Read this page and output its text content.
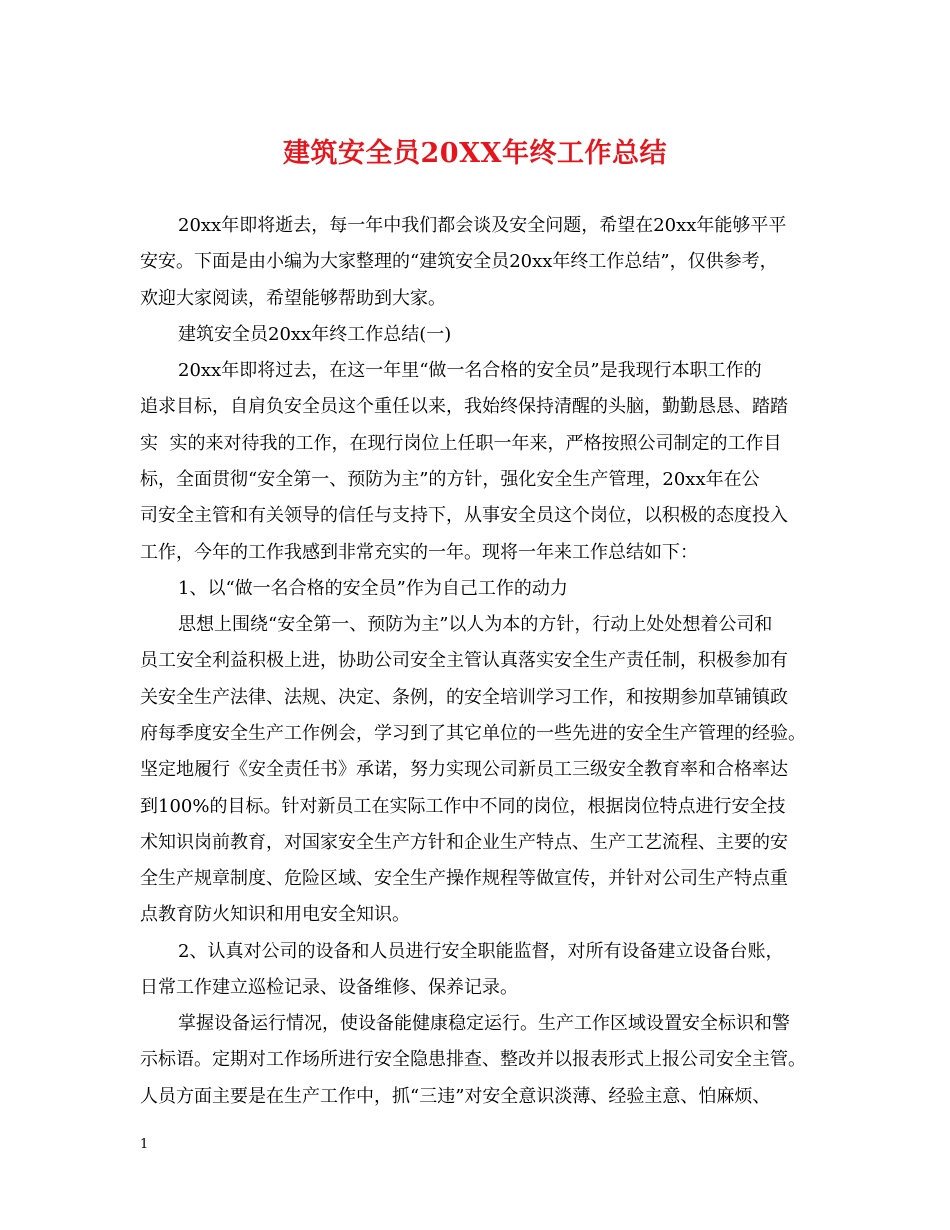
建筑安全员20XX年终工作总结
20xx年即将逝去，每一年中我们都会谈及安全问题，希望在20xx年能够平平
安安。下面是由小编为大家整理的“建筑安全员20xx年终工作总结”，仅供参考，
欢迎大家阅读，希望能够帮助到大家。
建筑安全员20xx年终工作总结(一)
20xx年即将过去，在这一年里“做一名合格的安全员”是我现行本职工作的
追求目标，自肩负安全员这个重任以来，我始终保持清醒的头脑，勤勤恳恳、踏踏
实  实的来对待我的工作，在现行岗位上任职一年来，严格按照公司制定的工作目
标，全面贯彻“安全第一、预防为主”的方针，强化安全生产管理，20xx年在公
司安全主管和有关领导的信任与支持下，从事安全员这个岗位，以积极的态度投入
工作，今年的工作我感到非常充实的一年。现将一年来工作总结如下：
1、以“做一名合格的安全员”作为自己工作的动力
思想上围绕“安全第一、预防为主”以人为本的方针，行动上处处想着公司和
员工安全利益积极上进，协助公司安全主管认真落实安全生产责任制，积极参加有
关安全生产法律、法规、决定、条例，的安全培训学习工作，和按期参加草铺镇政
府每季度安全生产工作例会，学习到了其它单位的一些先进的安全生产管理的经验。
坚定地履行《安全责任书》承诺，努力实现公司新员工三级安全教育率和合格率达
到100%的目标。针对新员工在实际工作中不同的岗位，根据岗位特点进行安全技
术知识岗前教育，对国家安全生产方针和企业生产特点、生产工艺流程、主要的安
全生产规章制度、危险区域、安全生产操作规程等做宣传，并针对公司生产特点重
点教育防火知识和用电安全知识。
2、认真对公司的设备和人员进行安全职能监督，对所有设备建立设备台账，
日常工作建立巡检记录、设备维修、保养记录。
掌握设备运行情况，使设备能健康稳定运行。生产工作区域设置安全标识和警
示标语。定期对工作场所进行安全隐患排查、整改并以报表形式上报公司安全主管。
人员方面主要是在生产工作中，抓“三违”对安全意识淡薄、经验主意、怕麻烦、
1
